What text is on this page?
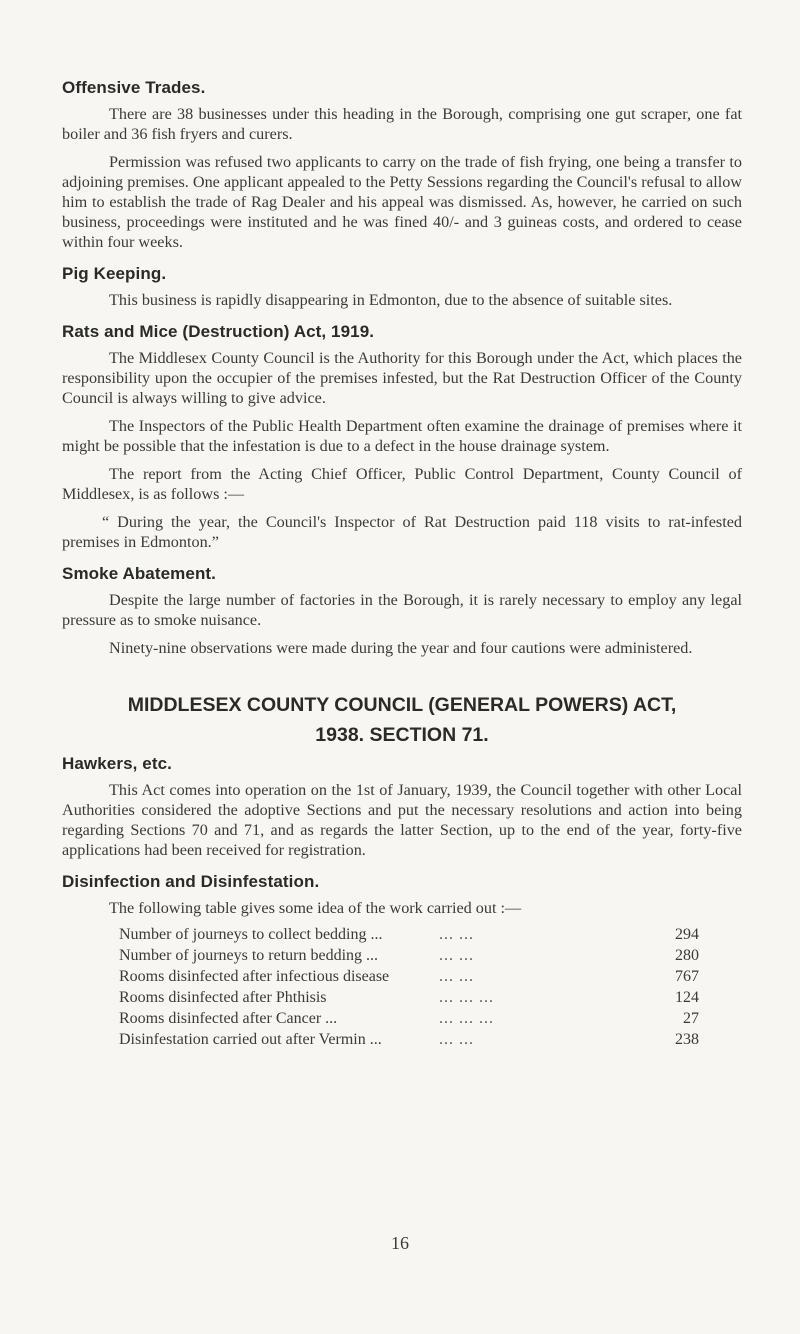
Offensive Trades.

There are 38 businesses under this heading in the Borough, comprising one gut scraper, one fat boiler and 36 fish fryers and curers.

Permission was refused two applicants to carry on the trade of fish frying, one being a transfer to adjoining premises. One applicant appealed to the Petty Sessions regarding the Council's refusal to allow him to establish the trade of Rag Dealer and his appeal was dismissed. As, however, he carried on such business, proceedings were instituted and he was fined 40/- and 3 guineas costs, and ordered to cease within four weeks.

Pig Keeping.

This business is rapidly disappearing in Edmonton, due to the absence of suitable sites.

Rats and Mice (Destruction) Act, 1919.

The Middlesex County Council is the Authority for this Borough under the Act, which places the responsibility upon the occupier of the premises infested, but the Rat Destruction Officer of the County Council is always willing to give advice.

The Inspectors of the Public Health Department often examine the drainage of premises where it might be possible that the infestation is due to a defect in the house drainage system.

The report from the Acting Chief Officer, Public Control Department, County Council of Middlesex, is as follows :—

“ During the year, the Council's Inspector of Rat Destruction paid 118 visits to rat-infested premises in Edmonton.”

Smoke Abatement.

Despite the large number of factories in the Borough, it is rarely necessary to employ any legal pressure as to smoke nuisance.

Ninety-nine observations were made during the year and four cautions were administered.

MIDDLESEX COUNTY COUNCIL (GENERAL POWERS) ACT,
1938. SECTION 71.
Hawkers, etc.

This Act comes into operation on the 1st of January, 1939, the Council together with other Local Authorities considered the adoptive Sections and put the necessary resolutions and action into being regarding Sections 70 and 71, and as regards the latter Section, up to the end of the year, forty-five applications had been received for registration.

Disinfection and Disinfestation.

The following table gives some idea of the work carried out :—

Number of journeys to collect bedding ...	... ...	294
Number of journeys to return bedding ...	... ...	280
Rooms disinfected after infectious disease	... ...	767
Rooms disinfected after Phthisis	... ... ...	124
Rooms disinfected after Cancer ...	... ... ...	27
Disinfestation carried out after Vermin ...	... ...	238
16
